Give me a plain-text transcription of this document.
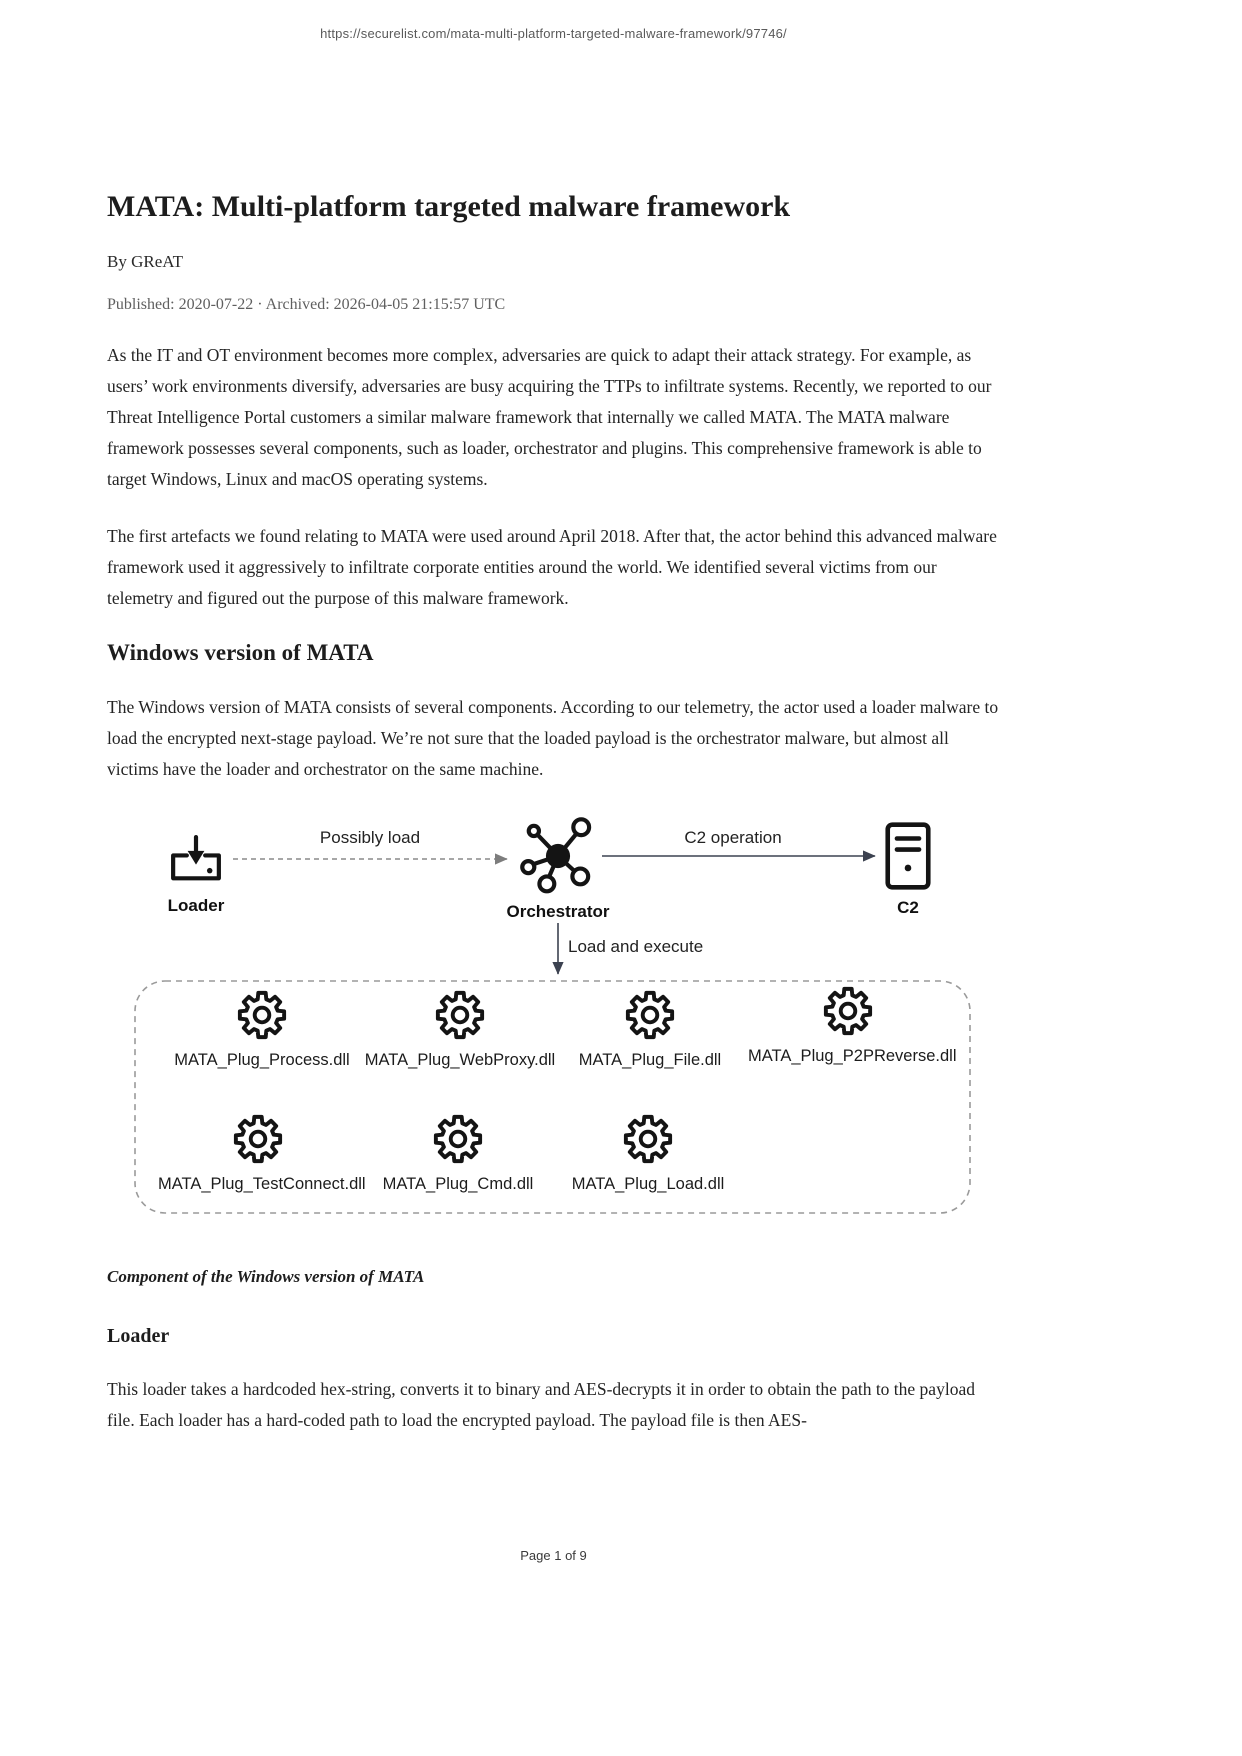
https://securelist.com/mata-multi-platform-targeted-malware-framework/97746/
MATA: Multi-platform targeted malware framework
By GReAT
Published: 2020-07-22 · Archived: 2026-04-05 21:15:57 UTC

As the IT and OT environment becomes more complex, adversaries are quick to adapt their attack strategy. For example, as users’ work environments diversify, adversaries are busy acquiring the TTPs to infiltrate systems. Recently, we reported to our Threat Intelligence Portal customers a similar malware framework that internally we called MATA. The MATA malware framework possesses several components, such as loader, orchestrator and plugins. This comprehensive framework is able to target Windows, Linux and macOS operating systems.

The first artefacts we found relating to MATA were used around April 2018. After that, the actor behind this advanced malware framework used it aggressively to infiltrate corporate entities around the world. We identified several victims from our telemetry and figured out the purpose of this malware framework.

Windows version of MATA

The Windows version of MATA consists of several components. According to our telemetry, the actor used a loader malware to load the encrypted next-stage payload. We’re not sure that the loaded payload is the orchestrator malware, but almost all victims have the loader and orchestrator on the same machine.

Loader	Orchestrator	C2
Possibly load	C2 operation
Load and execute
MATA_Plug_Process.dll MATA_Plug_WebProxy.dll	MATA_Plug_File.dll	MATA_Plug_P2PReverse.dll
MATA_Plug_TestConnect.dll	MATA_Plug_Cmd.dll	MATA_Plug_Load.dll
Component of the Windows version of MATA
Loader

This loader takes a hardcoded hex-string, converts it to binary and AES-decrypts it in order to obtain the path to the payload file. Each loader has a hard-coded path to load the encrypted payload. The payload file is then AES-

Page 1 of 9
